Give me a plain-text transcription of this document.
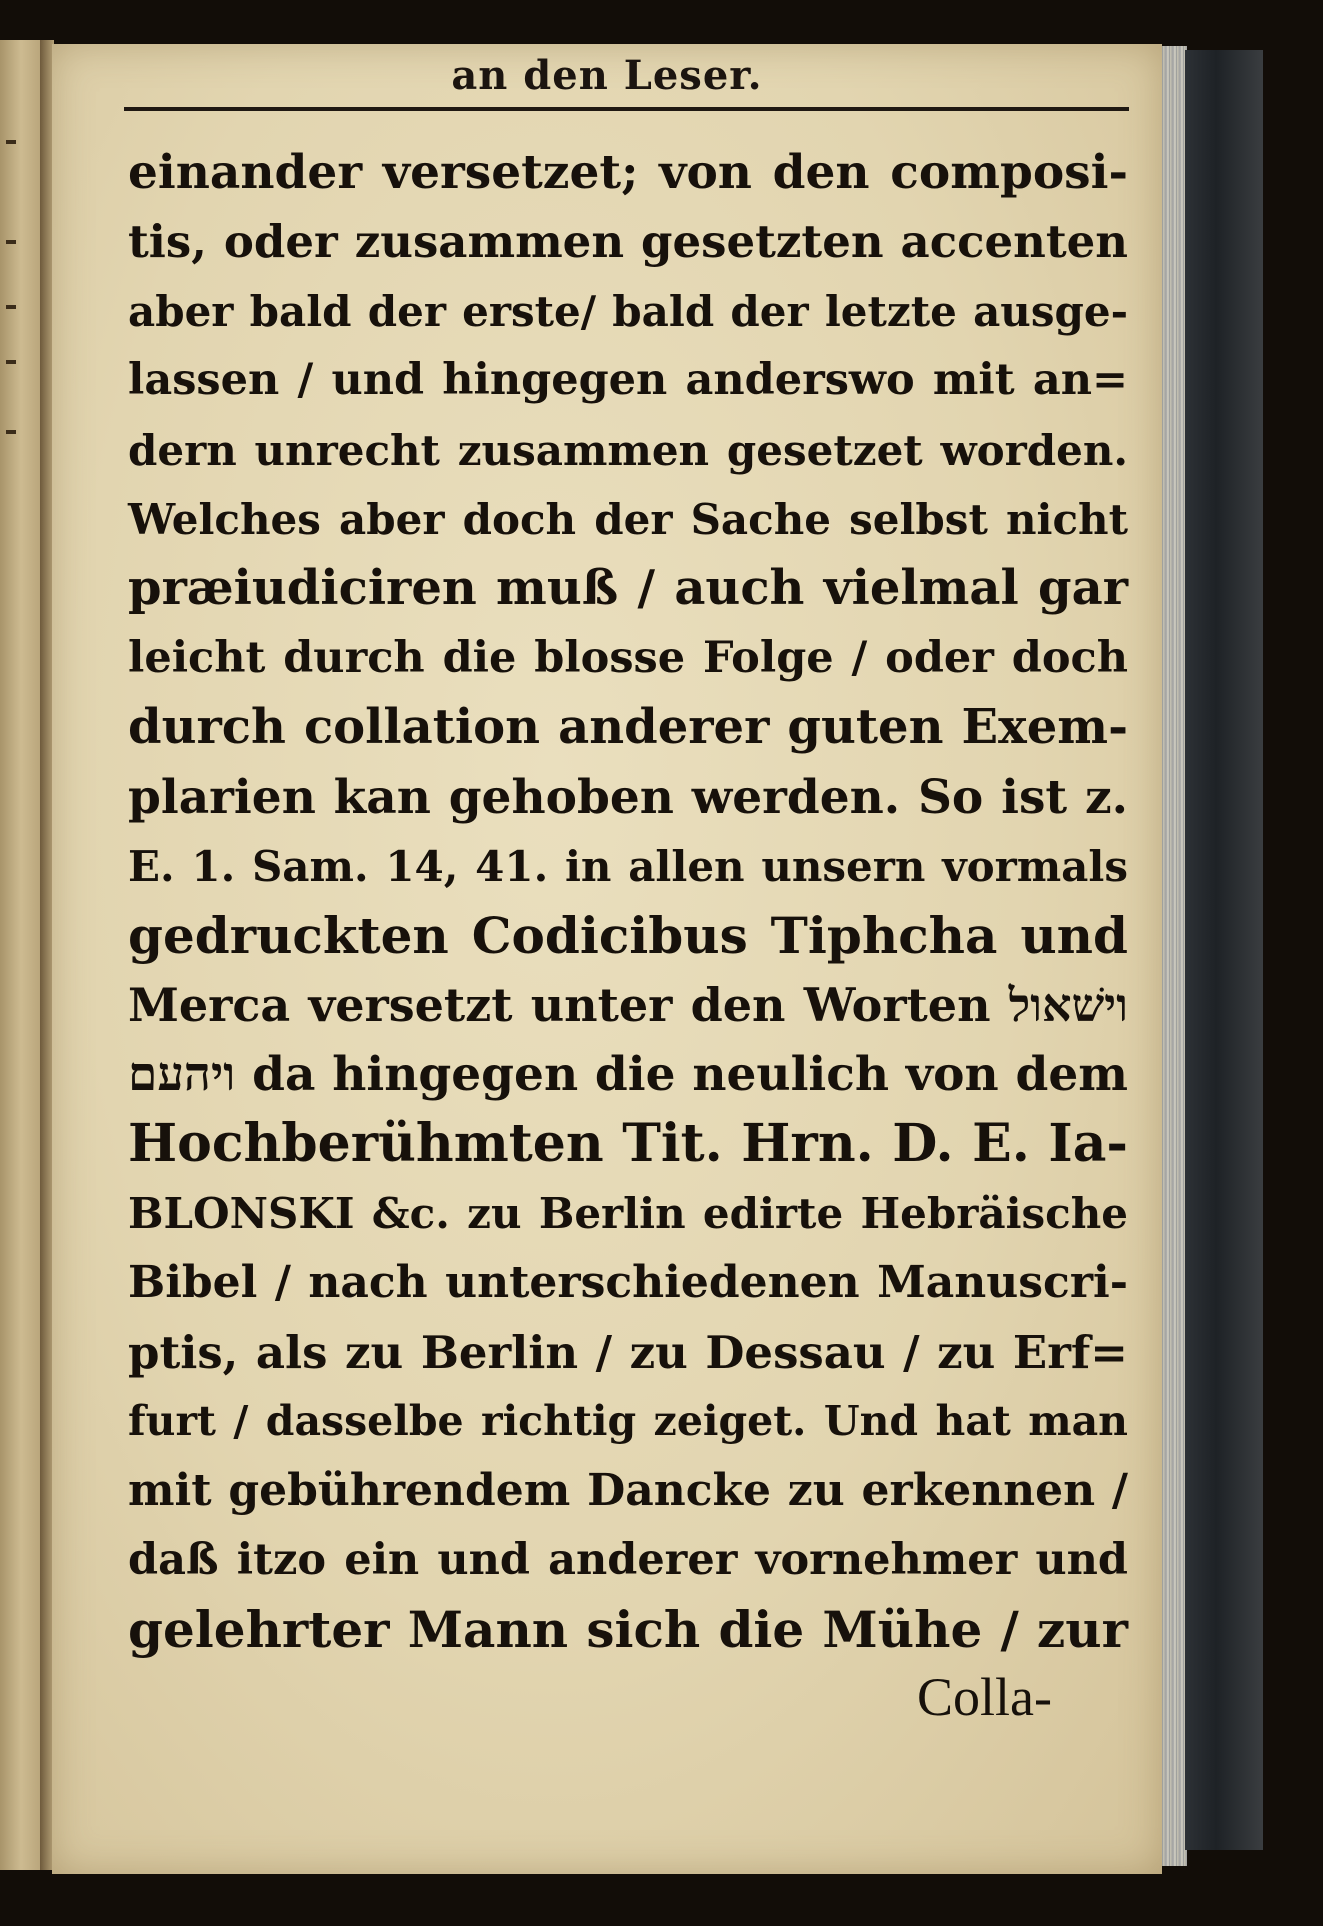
an den Leser.
einander versetzet; von den composi-
tis, oder zusammen gesetzten accenten
aber bald der erste/ bald der letzte ausge-
lassen / und hingegen anderswo mit an=
dern unrecht zusammen gesetzet worden.
Welches aber doch der Sache selbst nicht
præiudiciren muß / auch vielmal gar
leicht durch die blosse Folge / oder doch
durch collation anderer guten Exem-
plarien kan gehoben werden. So ist z.
E. 1. Sam. 14, 41. in allen unsern vormals
gedruckten Codicibus Tiphcha und
Merca versetzt unter den Worten וישׁאול
ויהעם da hingegen die neulich von dem
Hochberühmten Tit. Hrn. D. E. Ia-
BLONSKI &c. zu Berlin edirte Hebräische
Bibel / nach unterschiedenen Manuscri-
ptis, als zu Berlin / zu Dessau / zu Erf=
furt / dasselbe richtig zeiget. Und hat man
mit gebührendem Dancke zu erkennen /
daß itzo ein und anderer vornehmer und
gelehrter Mann sich die Mühe / zur
Colla-
